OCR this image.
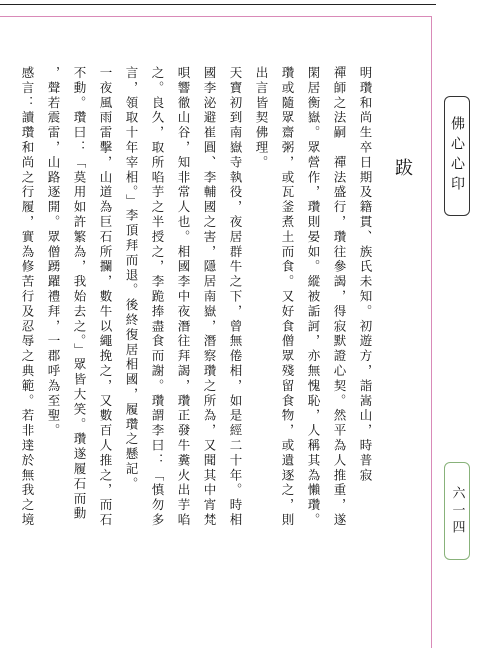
跋
明瓚和尚生卒日期及籍貫、族氏未知。初遊方，詣嵩山，時普寂
禪師之法嗣　禪法盛行，瓚往參謁，得寂默證心契。然平為人推重，遂
閑居衡嶽。眾營作，瓚則晏如。縱被詬訶，亦無愧恥，人稱其為懶瓚。
瓚或隨眾齋粥，或瓦釜煮土而食。又好食僧眾殘留食物，或遺逐之，則
出言皆契佛理。
天寶初到南嶽寺執役，夜居群牛之下，曾無倦相，如是經二十年。時相
國李泌避崔圓、李輔國之害，隱居南嶽，潛察瓚之所為，又聞其中宵梵
唄響徹山谷，知非常人也。相國李中夜潛往拜謁，瓚正發牛糞火出芋啗
之。良久，取所啗芋之半授之，李跪捧盡食而謝。瓚謂李曰：「慎勿多
言，領取十年宰相。」李頂拜而退。後終復居相國，履瓚之懸記。
一夜風雨雷擊，山道為巨石所攔，數牛以繩挽之，又數百人推之，而石
不動。瓚曰：「莫用如許繁為，我始去之。」眾皆大笑。瓚遂履石而動
，聲若震雷，山路逐開。眾僧踴躍禮拜，一郡呼為至聖。
感言：讀瓚和尚之行履，實為修苦行及忍辱之典範。若非達於無我之境	佛心心印
六一四
